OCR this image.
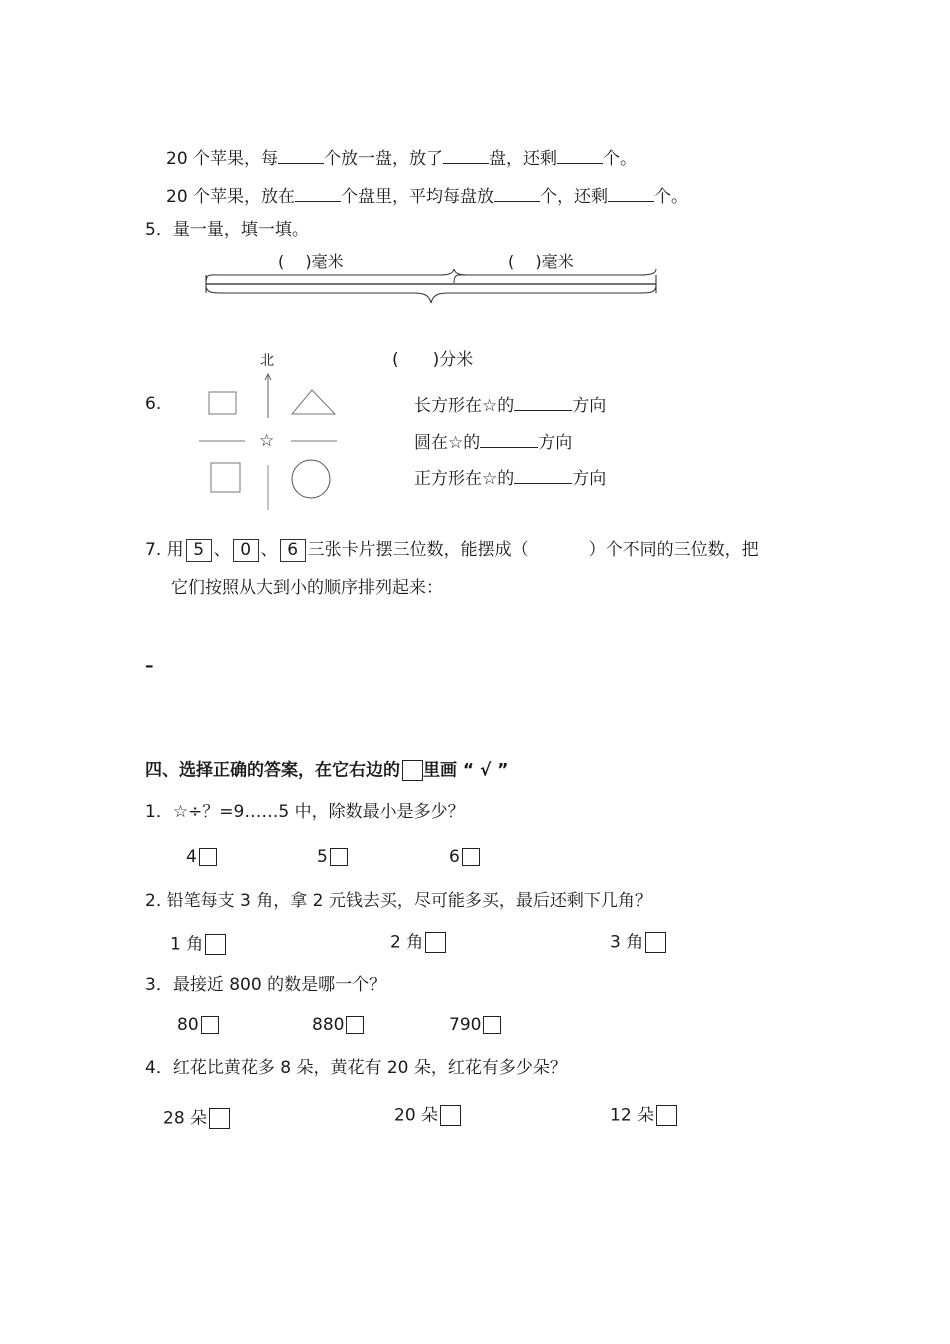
20 个苹果，每	个放一盘，放了	盘，还剩	个。
20 个苹果，放在	个盘里，平均每盘放	个，还剩	个。
5．量一量，填一填。
(　 )毫米	(　 )毫米
(　　)分米
6.
北
☆
长方形在☆的	方向
圆在☆的	方向
正方形在☆的	方向
7. 用 5 、 0 、 6 三张卡片摆三位数，能摆成（	）个不同的三位数，把
它们按照从大到小的顺序排列起来：
–
四、选择正确的答案，在它右边的 里画 “ √ ”
1．☆÷？=9……5 中，除数最小是多少？
4	5	6
2. 铅笔每支 3 角，拿 2 元钱去买，尽可能多买，最后还剩下几角？
1 角	2 角	3 角
3．最接近 800 的数是哪一个？
80	880	790
4．红花比黄花多 8 朵，黄花有 20 朵，红花有多少朵？
28 朵	20 朵	12 朵
